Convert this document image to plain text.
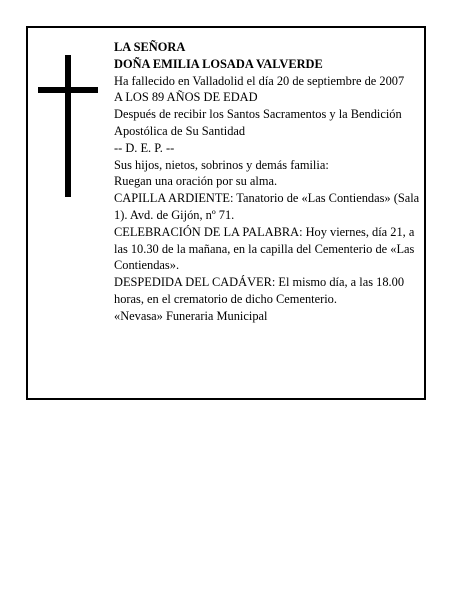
LA SEÑORA

DOÑA EMILIA LOSADA VALVERDE

Ha fallecido en Valladolid el día 20 de septiembre de 2007

A LOS 89 AÑOS DE EDAD

Después de recibir los Santos Sacramentos y la Bendición Apostólica de Su Santidad

-- D. E. P. --

Sus hijos, nietos, sobrinos y demás familia:

Ruegan una oración por su alma.

CAPILLA ARDIENTE: Tanatorio de «Las Contiendas» (Sala 1). Avd. de Gijón, nº 71.

CELEBRACIÓN DE LA PALABRA: Hoy viernes, día 21, a las 10.30 de la mañana, en la capilla del Cementerio de «Las Contiendas».

DESPEDIDA DEL CADÁVER: El mismo día, a las 18.00 horas, en el crematorio de dicho Cementerio.

«Nevasa» Funeraria Municipal
